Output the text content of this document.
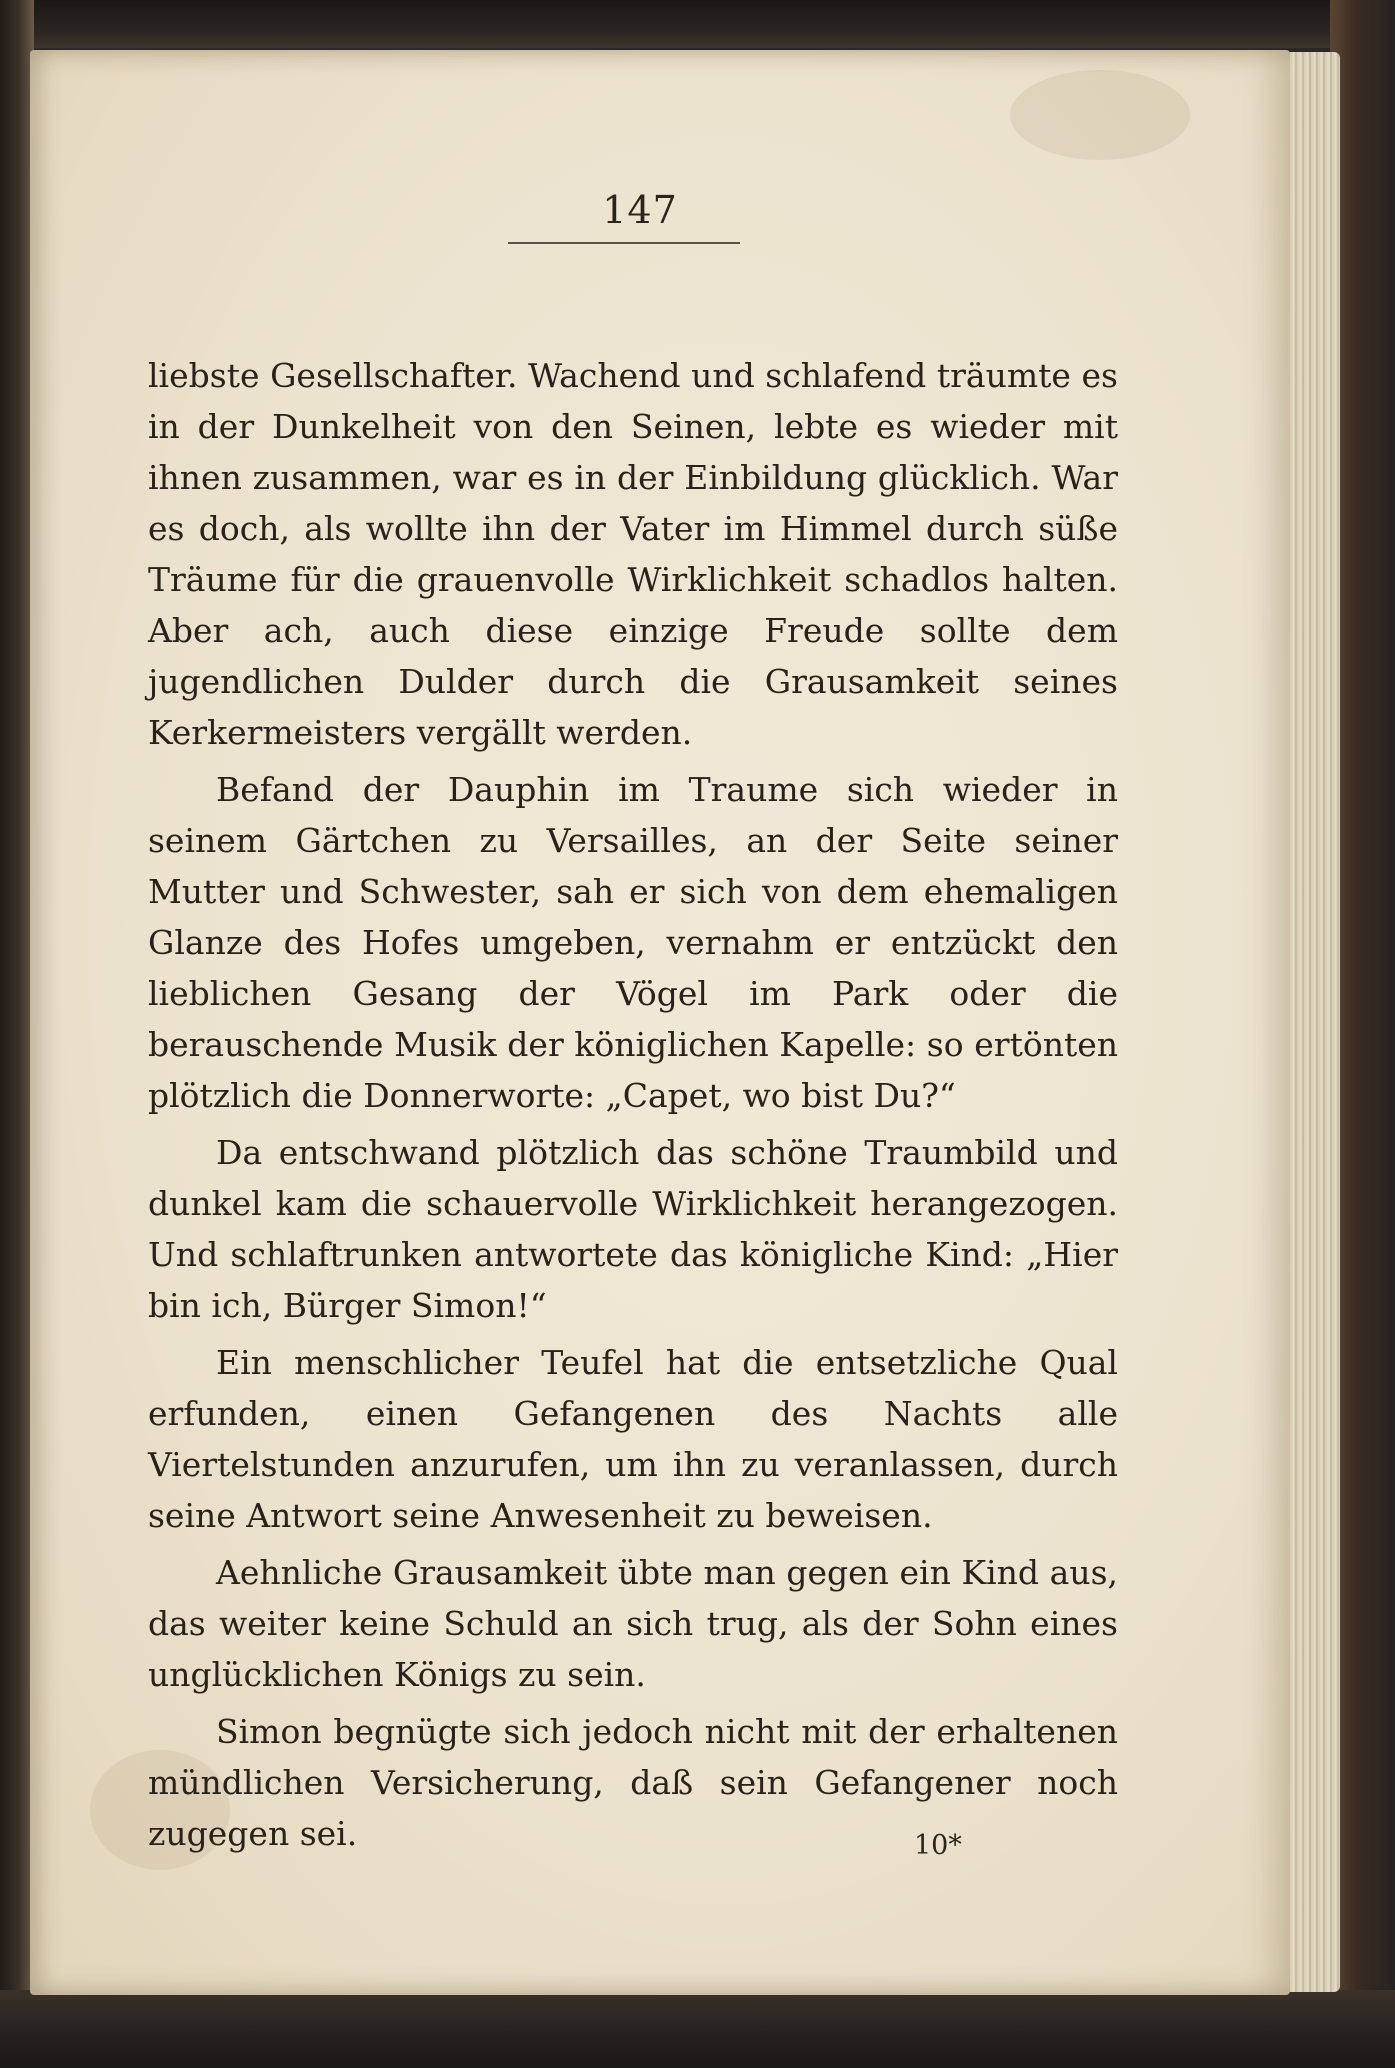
147

liebste Gesellschafter. Wachend und schlafend träumte es in der Dunkelheit von den Seinen, lebte es wieder mit ihnen zusammen, war es in der Einbildung glücklich. War es doch, als wollte ihn der Vater im Himmel durch süße Träume für die grauenvolle Wirklichkeit schadlos halten. Aber ach, auch diese einzige Freude sollte dem jugendlichen Dulder durch die Grausamkeit seines Kerkermeisters vergällt werden.

Befand der Dauphin im Traume sich wieder in seinem Gärtchen zu Versailles, an der Seite seiner Mutter und Schwester, sah er sich von dem ehemaligen Glanze des Hofes umgeben, vernahm er entzückt den lieblichen Gesang der Vögel im Park oder die berauschende Musik der königlichen Kapelle: so ertönten plötzlich die Donnerworte: „Capet, wo bist Du?“

Da entschwand plötzlich das schöne Traumbild und dunkel kam die schauervolle Wirklichkeit herangezogen. Und schlaftrunken antwortete das königliche Kind: „Hier bin ich, Bürger Simon!“

Ein menschlicher Teufel hat die entsetzliche Qual erfunden, einen Gefangenen des Nachts alle Viertelstunden anzurufen, um ihn zu veranlassen, durch seine Antwort seine Anwesenheit zu beweisen.

Aehnliche Grausamkeit übte man gegen ein Kind aus, das weiter keine Schuld an sich trug, als der Sohn eines unglücklichen Königs zu sein.

Simon begnügte sich jedoch nicht mit der erhaltenen mündlichen Versicherung, daß sein Gefangener noch zugegen sei.	10*
